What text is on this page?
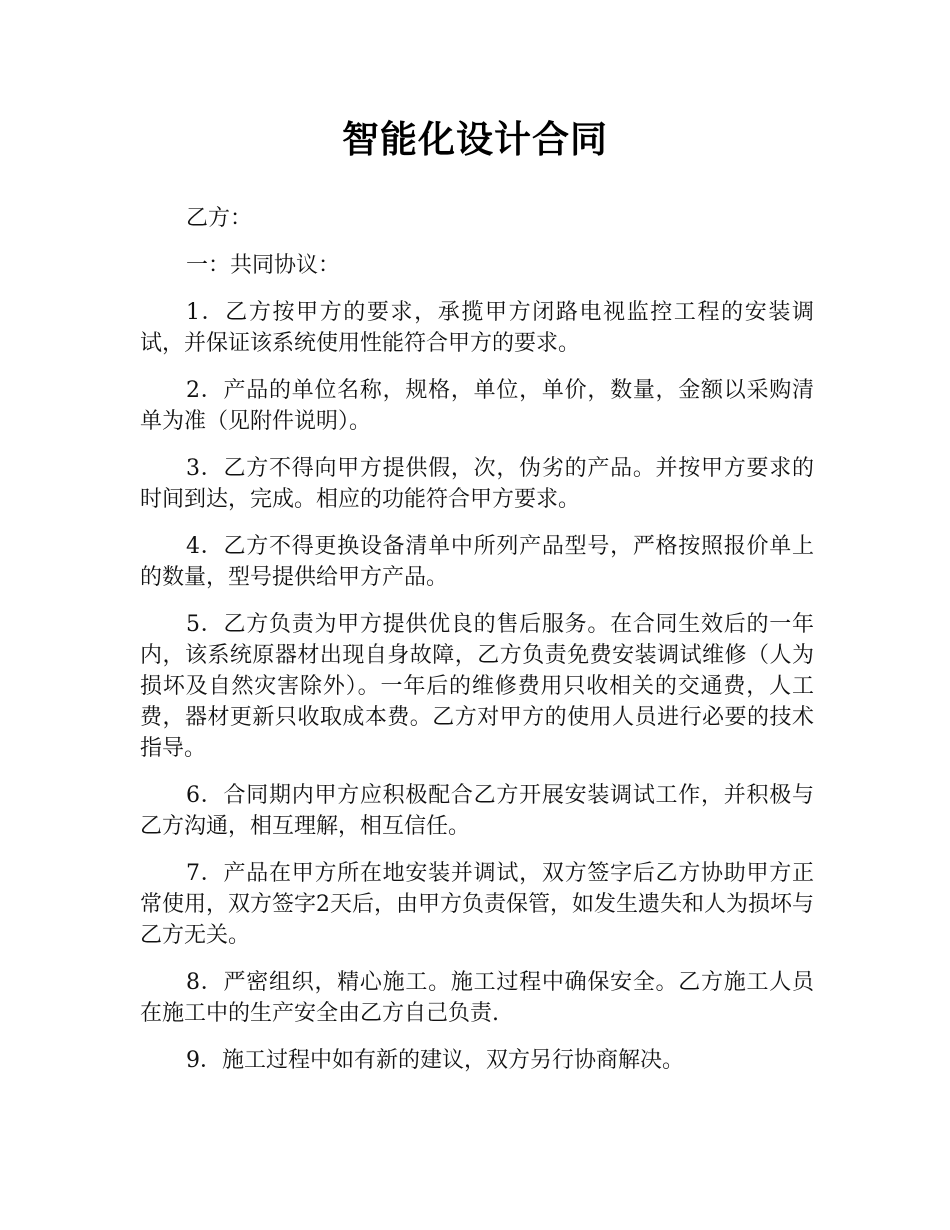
智能化设计合同

乙方：

一：共同协议：

1．乙方按甲方的要求，承揽甲方闭路电视监控工程的安装调试，并保证该系统使用性能符合甲方的要求。

2．产品的单位名称，规格，单位，单价，数量，金额以采购清单为准（见附件说明）。

3．乙方不得向甲方提供假，次，伪劣的产品。并按甲方要求的时间到达，完成。相应的功能符合甲方要求。

4．乙方不得更换设备清单中所列产品型号，严格按照报价单上的数量，型号提供给甲方产品。

5．乙方负责为甲方提供优良的售后服务。在合同生效后的一年内，该系统原器材出现自身故障，乙方负责免费安装调试维修（人为损坏及自然灾害除外）。一年后的维修费用只收相关的交通费，人工费，器材更新只收取成本费。乙方对甲方的使用人员进行必要的技术指导。

6．合同期内甲方应积极配合乙方开展安装调试工作，并积极与乙方沟通，相互理解，相互信任。

7．产品在甲方所在地安装并调试，双方签字后乙方协助甲方正常使用，双方签字2天后，由甲方负责保管，如发生遗失和人为损坏与乙方无关。

8．严密组织，精心施工。施工过程中确保安全。乙方施工人员在施工中的生产安全由乙方自己负责.

9．施工过程中如有新的建议，双方另行协商解决。
